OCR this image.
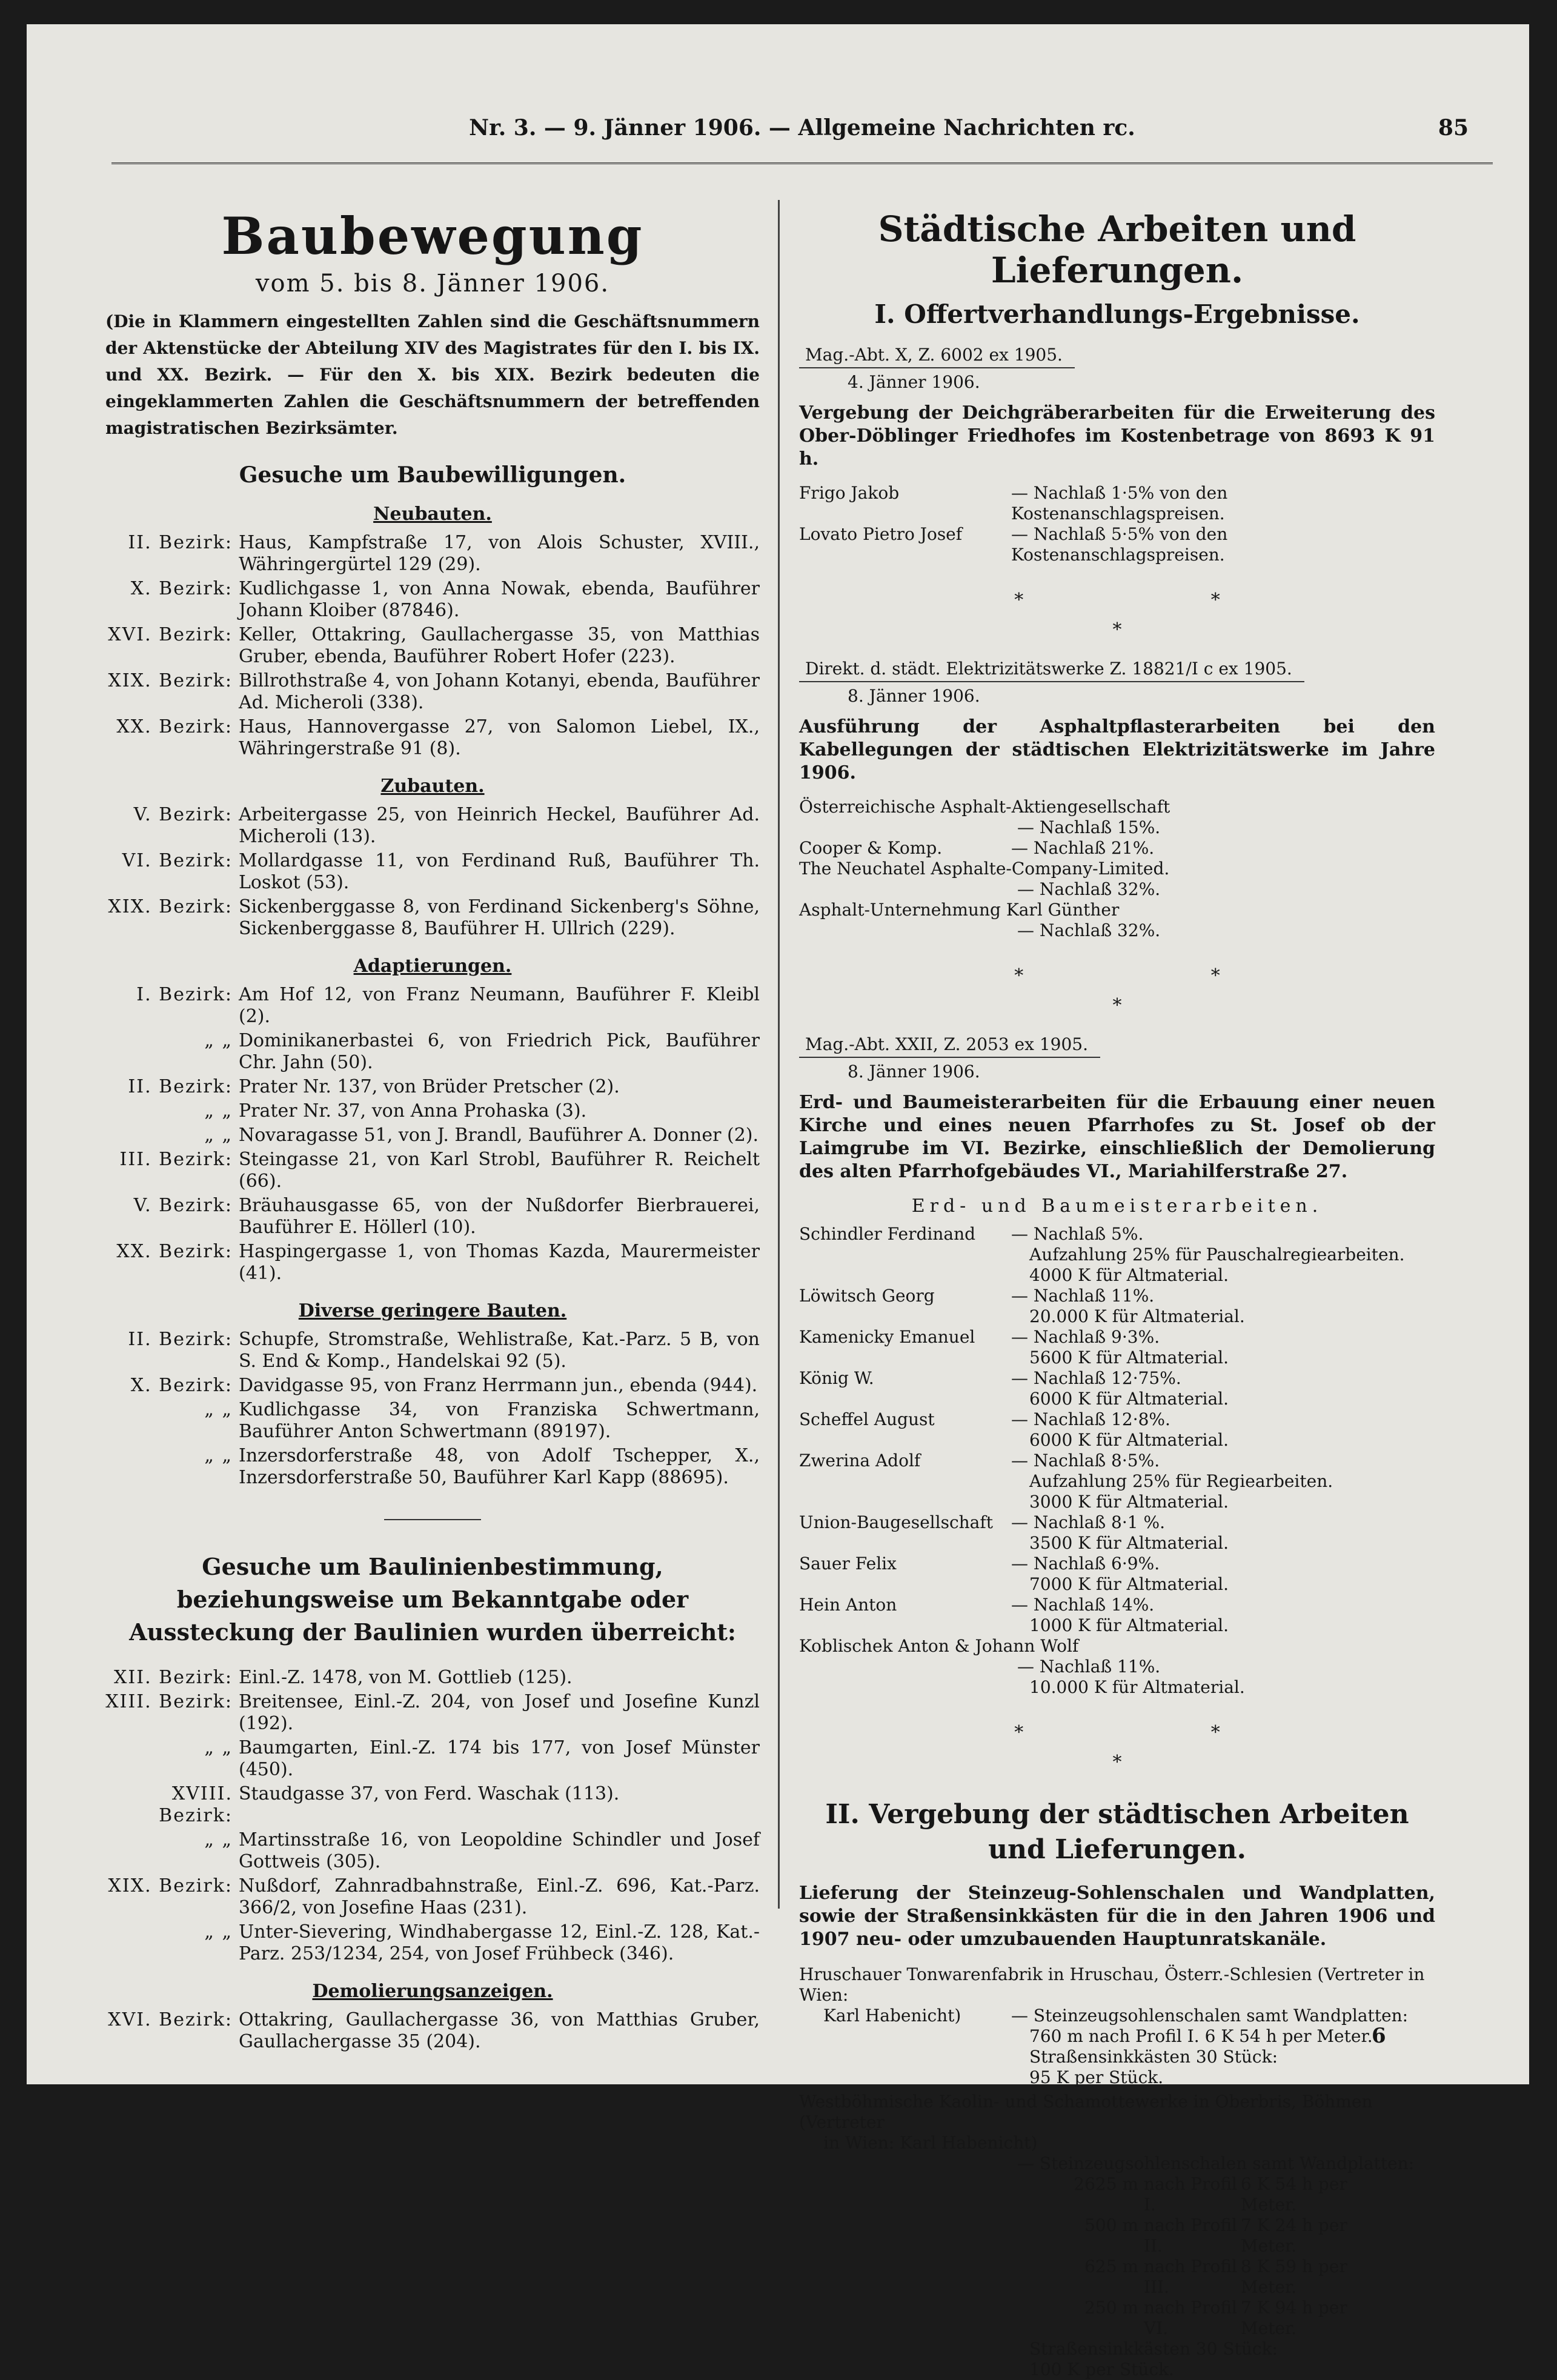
Nr. 3. — 9. Jänner 1906. — Allgemeine Nachrichten rc.	85
Baubewegung
vom 5. bis 8. Jänner 1906.
(Die in Klammern eingestellten Zahlen sind die Geschäftsnummern der Aktenstücke der Abteilung XIV des Magistrates für den I. bis IX. und XX. Bezirk. — Für den X. bis XIX. Bezirk bedeuten die eingeklammerten Zahlen die Geschäftsnummern der betreffenden magistratischen Bezirksämter.
Gesuche um Baubewilligungen.
Neubauten.
II. Bezirk: Haus, Kampfstraße 17, von Alois Schuster, XVIII., Währingergürtel 129 (29).
X. Bezirk: Kudlichgasse 1, von Anna Nowak, ebenda, Bauführer Johann Kloiber (87846).
XVI. Bezirk: Keller, Ottakring, Gaullachergasse 35, von Matthias Gruber, ebenda, Bauführer Robert Hofer (223).
XIX. Bezirk: Billrothstraße 4, von Johann Kotanyi, ebenda, Bauführer Ad. Micheroli (338).
XX. Bezirk: Haus, Hannovergasse 27, von Salomon Liebel, IX., Währingerstraße 91 (8).
Zubauten.
V. Bezirk: Arbeitergasse 25, von Heinrich Heckel, Bauführer Ad. Micheroli (13).
VI. Bezirk: Mollardgasse 11, von Ferdinand Ruß, Bauführer Th. Loskot (53).
XIX. Bezirk: Sickenberggasse 8, von Ferdinand Sickenberg's Söhne, Sickenberggasse 8, Bauführer H. Ullrich (229).
Adaptierungen.
I. Bezirk: Am Hof 12, von Franz Neumann, Bauführer F. Kleibl (2).
„ „ Dominikanerbastei 6, von Friedrich Pick, Bauführer Chr. Jahn (50).
II. Bezirk: Prater Nr. 137, von Brüder Pretscher (2).
„ „ Prater Nr. 37, von Anna Prohaska (3).
„ „ Novaragasse 51, von J. Brandl, Bauführer A. Donner (2).
III. Bezirk: Steingasse 21, von Karl Strobl, Bauführer R. Reichelt (66).
V. Bezirk: Bräuhausgasse 65, von der Nußdorfer Bierbrauerei, Bauführer E. Höllerl (10).
XX. Bezirk: Haspingergasse 1, von Thomas Kazda, Maurermeister (41).
Diverse geringere Bauten.
II. Bezirk: Schupfe, Stromstraße, Wehlistraße, Kat.-Parz. 5 B, von S. End & Komp., Handelskai 92 (5).
X. Bezirk: Davidgasse 95, von Franz Herrmann jun., ebenda (944).
„ „ Kudlichgasse 34, von Franziska Schwertmann, Bauführer Anton Schwertmann (89197).
„ „ Inzersdorferstraße 48, von Adolf Tschepper, X., Inzersdorferstraße 50, Bauführer Karl Kapp (88695).
Gesuche um Baulinienbestimmung, beziehungsweise um Bekanntgabe oder Aussteckung der Baulinien wurden überreicht:
XII. Bezirk: Einl.-Z. 1478, von M. Gottlieb (125).
XIII. Bezirk: Breitensee, Einl.-Z. 204, von Josef und Josefine Kunzl (192).
„ „ Baumgarten, Einl.-Z. 174 bis 177, von Josef Münster (450).
XVIII. Bezirk:
Staudgasse 37, von Ferd. Waschak (113).
„ „ Martinsstraße 16, von Leopoldine Schindler und Josef Gottweis (305).
XIX. Bezirk: Nußdorf, Zahnradbahnstraße, Einl.-Z. 696, Kat.-Parz. 366/2, von Josefine Haas (231).
„ „ Unter-Sievering, Windhabergasse 12, Einl.-Z. 128, Kat.-Parz. 253/1234, 254, von Josef Frühbeck (346).
Demolierungsanzeigen.
XVI. Bezirk: Ottakring, Gaullachergasse 36, von Matthias Gruber, Gaullachergasse 35 (204).
Städtische Arbeiten und Lieferungen.
I. Offertverhandlungs-Ergebnisse.
Mag.-Abt. X, Z. 6002 ex 1905.
4. Jänner 1906.
Vergebung der Deichgräberarbeiten für die Erweiterung des Ober-Döblinger Friedhofes im Kostenbetrage von 8693 K 91 h.
Frigo Jakob	— Nachlaß 1·5% von den Kostenanschlagspreisen.
Lovato Pietro Josef	— Nachlaß 5·5% von den Kostenanschlagspreisen.
* *
*
Direkt. d. städt. Elektrizitätswerke Z. 18821/I c ex 1905.
8. Jänner 1906.
Ausführung der Asphaltpflasterarbeiten bei den Kabellegungen der städtischen Elektrizitätswerke im Jahre 1906.
Österreichische Asphalt-Aktiengesellschaft
— Nachlaß 15%.
Cooper & Komp.	— Nachlaß 21%.
The Neuchatel Asphalte-Company-Limited.
— Nachlaß 32%.
Asphalt-Unternehmung Karl Günther
— Nachlaß 32%.
* *
*
Mag.-Abt. XXII, Z. 2053 ex 1905.
8. Jänner 1906.
Erd- und Baumeisterarbeiten für die Erbauung einer neuen Kirche und eines neuen Pfarrhofes zu St. Josef ob der Laimgrube im VI. Bezirke, einschließlich der Demolierung des alten Pfarrhofgebäudes VI., Mariahilferstraße 27.
Erd- und Baumeisterarbeiten.
Schindler Ferdinand	— Nachlaß 5%.
Aufzahlung 25% für Pauschalregiearbeiten.
4000 K für Altmaterial.
Löwitsch Georg	— Nachlaß 11%.
20.000 K für Altmaterial.
Kamenicky Emanuel	— Nachlaß 9·3%.
5600 K für Altmaterial.
König W.	— Nachlaß 12·75%.
6000 K für Altmaterial.
Scheffel August	— Nachlaß 12·8%.
6000 K für Altmaterial.
Zwerina Adolf	— Nachlaß 8·5%.
Aufzahlung 25% für Regiearbeiten.
3000 K für Altmaterial.
Union-Baugesellschaft	— Nachlaß 8·1 %.
3500 K für Altmaterial.
Sauer Felix	— Nachlaß 6·9%.
7000 K für Altmaterial.
Hein Anton	— Nachlaß 14%.
1000 K für Altmaterial.
Koblischek Anton & Johann Wolf
— Nachlaß 11%.
10.000 K für Altmaterial.
* *
*
II. Vergebung der städtischen Arbeiten und Lieferungen.
Lieferung der Steinzeug-Sohlenschalen und Wandplatten, sowie der Straßensinkkästen für die in den Jahren 1906 und 1907 neu- oder umzubauenden Hauptunratskanäle.
Hruschauer Tonwarenfabrik in Hruschau, Österr.-Schlesien (Vertreter in Wien:
Karl Habenicht)	— Steinzeugsohlenschalen samt Wandplatten:
760 m nach Profil I. 6 K 54 h per Meter.
Straßensinkkästen 30 Stück:
95 K per Stück.
Westböhmische Kaolin- und Schamottewerke in Oberbris, Böhmen (Vertreter
in Wien: Karl Habenicht)
— Steinzeugsohlenschalen samt Wandplatten:
2625 m
nach Profil I.
6 K 54 h per Meter.
500 m
nach Profil II.
7 K 24 h per Meter.
625 m
nach Profil III.
8 K 59 h per Meter.
250 m
nach Profil VI.
7 K 94 h per Meter.
Straßensinkkästen 30 Stück:
100 K per Stück.
6
